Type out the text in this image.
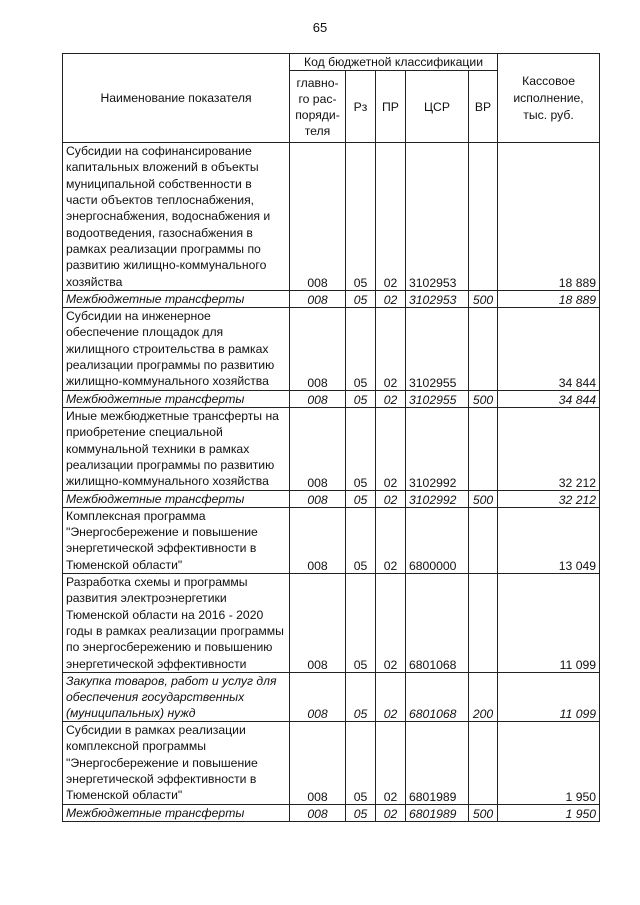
65
Наименование показателя	Код бюджетной классификации					Кассовое исполнение, тыс. руб.

	главно-го рас-поряди-теля	Рз	ПР	ЦСР	ВР	
Субсидии на софинансирование капитальных вложений в объекты муниципальной собственности в части объектов теплоснабжения, энергоснабжения, водоснабжения и водоотведения, газоснабжения в рамках реализации программы по развитию жилищно-коммунального хозяйства	008	05	02	3102953		18 889
Межбюджетные трансферты	008	05	02	3102953	500	18 889
Субсидии на инженерное обеспечение площадок для жилищного строительства в рамках реализации программы по развитию жилищно-коммунального хозяйства	008	05	02	3102955		34 844
Межбюджетные трансферты	008	05	02	3102955	500	34 844
Иные межбюджетные трансферты на приобретение специальной коммунальной техники в рамках реализации программы по развитию жилищно-коммунального хозяйства	008	05	02	3102992		32 212
Межбюджетные трансферты	008	05	02	3102992	500	32 212
Комплексная программа "Энергосбережение и повышение энергетической эффективности в Тюменской области"	008	05	02	6800000		13 049
Разработка схемы и программы развития электроэнергетики Тюменской области на 2016 - 2020 годы в рамках реализации программы по энергосбережению и повышению энергетической эффективности	008	05	02	6801068		11 099
Закупка товаров, работ и услуг для обеспечения государственных (муниципальных) нужд	008	05	02	6801068	200	11 099
Субсидии в рамках реализации комплексной программы "Энергосбережение и повышение энергетической эффективности в Тюменской области"	008	05	02	6801989		1 950
Межбюджетные трансферты	008	05	02	6801989	500	1 950
